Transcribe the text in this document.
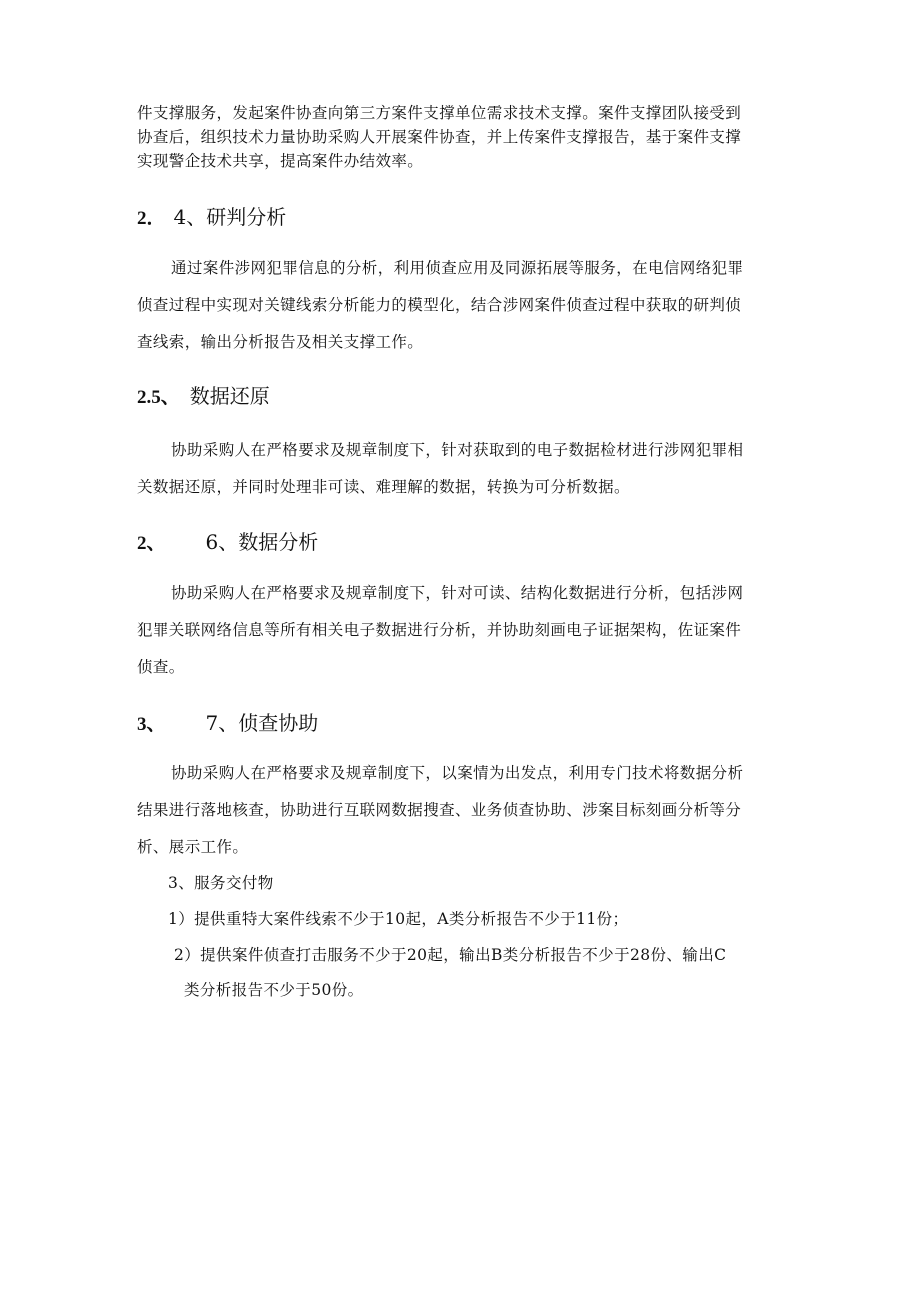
件支撑服务，发起案件协查向第三方案件支撑单位需求技术支撑。案件支撑团队接受到
协查后，组织技术力量协助采购人开展案件协查，并上传案件支撑报告，基于案件支撑
实现警企技术共享，提高案件办结效率。
2． 4、研判分析
通过案件涉网犯罪信息的分析，利用侦查应用及同源拓展等服务，在电信网络犯罪
侦查过程中实现对关键线索分析能力的模型化，结合涉网案件侦查过程中获取的研判侦
查线索，输出分析报告及相关支撑工作。
2.5、 数据还原
协助采购人在严格要求及规章制度下，针对获取到的电子数据检材进行涉网犯罪相
关数据还原，并同时处理非可读、难理解的数据，转换为可分析数据。
2、 6、数据分析
协助采购人在严格要求及规章制度下，针对可读、结构化数据进行分析，包括涉网
犯罪关联网络信息等所有相关电子数据进行分析，并协助刻画电子证据架构，佐证案件
侦查。
3、 7、侦查协助
协助采购人在严格要求及规章制度下，以案情为出发点，利用专门技术将数据分析
结果进行落地核查，协助进行互联网数据搜查、业务侦查协助、涉案目标刻画分析等分
析、展示工作。
3、服务交付物
1）提供重特大案件线索不少于10起，A类分析报告不少于11份；
2）提供案件侦查打击服务不少于20起，输出B类分析报告不少于28份、输出C
类分析报告不少于50份。
